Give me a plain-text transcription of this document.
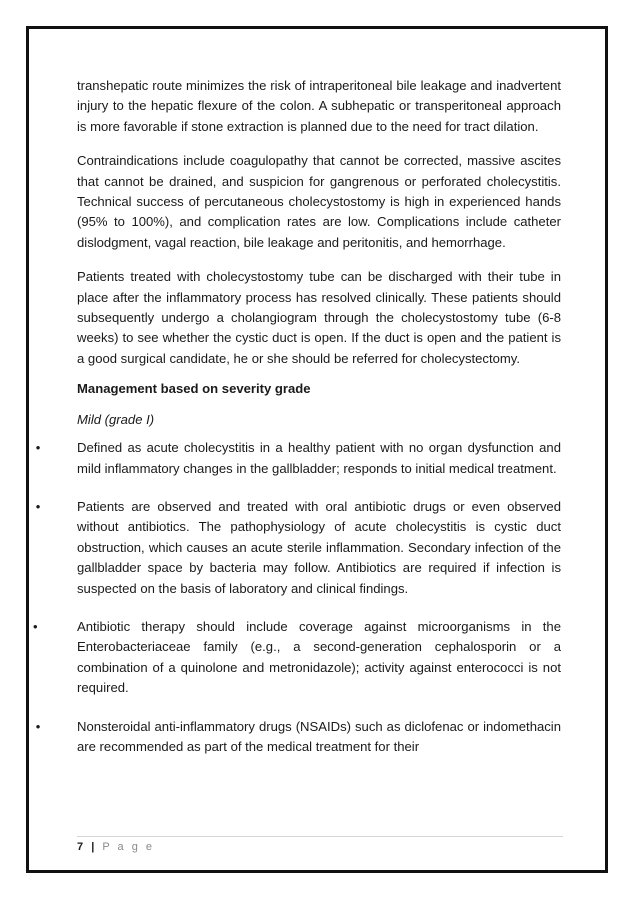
transhepatic route minimizes the risk of intraperitoneal bile leakage and inadvertent injury to the hepatic flexure of the colon. A subhepatic or transperitoneal approach is more favorable if stone extraction is planned due to the need for tract dilation.

Contraindications include coagulopathy that cannot be corrected, massive ascites that cannot be drained, and suspicion for gangrenous or perforated cholecystitis. Technical success of percutaneous cholecystostomy is high in experienced hands (95% to 100%), and complication rates are low. Complications include catheter dislodgment, vagal reaction, bile leakage and peritonitis, and hemorrhage.

Patients treated with cholecystostomy tube can be discharged with their tube in place after the inflammatory process has resolved clinically. These patients should subsequently undergo a cholangiogram through the cholecystostomy tube (6-8 weeks) to see whether the cystic duct is open. If the duct is open and the patient is a good surgical candidate, he or she should be referred for cholecystectomy.

Management based on severity grade

Mild (grade I)

•	Defined as acute cholecystitis in a healthy patient with no organ dysfunction and mild inflammatory changes in the gallbladder; responds to initial medical treatment.
•	Patients are observed and treated with oral antibiotic drugs or even observed without antibiotics. The pathophysiology of acute cholecystitis is cystic duct obstruction, which causes an acute sterile inflammation. Secondary infection of the gallbladder space by bacteria may follow. Antibiotics are required if infection is suspected on the basis of laboratory and clinical findings.
•	Antibiotic therapy should include coverage against microorganisms in the Enterobacteriaceae family (e.g., a second-generation cephalosporin or a combination of a quinolone and metronidazole); activity against enterococci is not required.
•	Nonsteroidal anti-inflammatory drugs (NSAIDs) such as diclofenac or indomethacin are recommended as part of the medical treatment for their
7 | P a g e
